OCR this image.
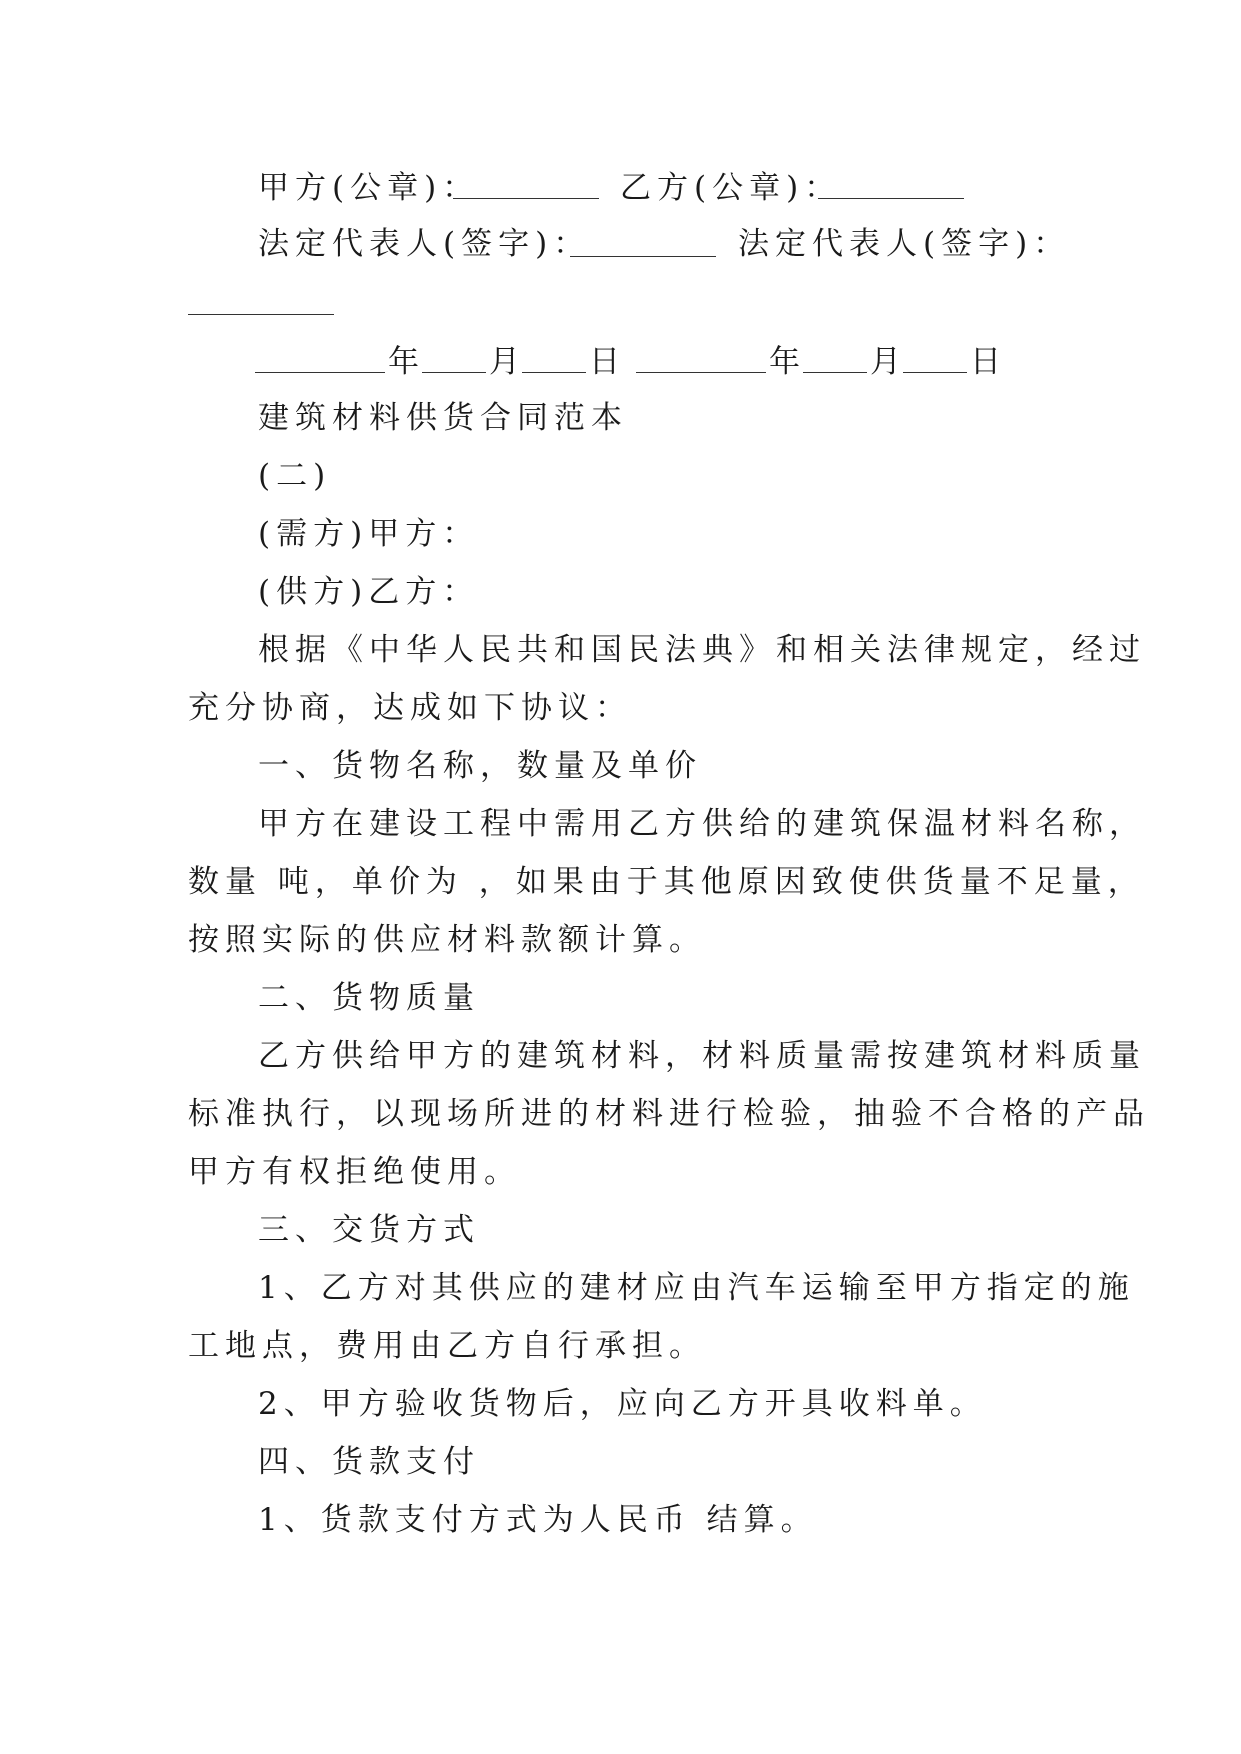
甲方(公章)：	乙方(公章)：
法定代表人(签字)：	法定代表人(签字)：
年 月 日	年 月 日
建筑材料供货合同范本
(二)
(需方)甲方：
(供方)乙方：
根据《中华人民共和国民法典》和相关法律规定，经过
充分协商，达成如下协议：
一、货物名称，数量及单价
甲方在建设工程中需用乙方供给的建筑保温材料名称，
数量 吨，单价为 ，如果由于其他原因致使供货量不足量，
按照实际的供应材料款额计算。
二、货物质量
乙方供给甲方的建筑材料，材料质量需按建筑材料质量
标准执行，以现场所进的材料进行检验，抽验不合格的产品
甲方有权拒绝使用。
三、交货方式
1、乙方对其供应的建材应由汽车运输至甲方指定的施
工地点，费用由乙方自行承担。
2、甲方验收货物后，应向乙方开具收料单。
四、货款支付
1、货款支付方式为人民币 结算。
